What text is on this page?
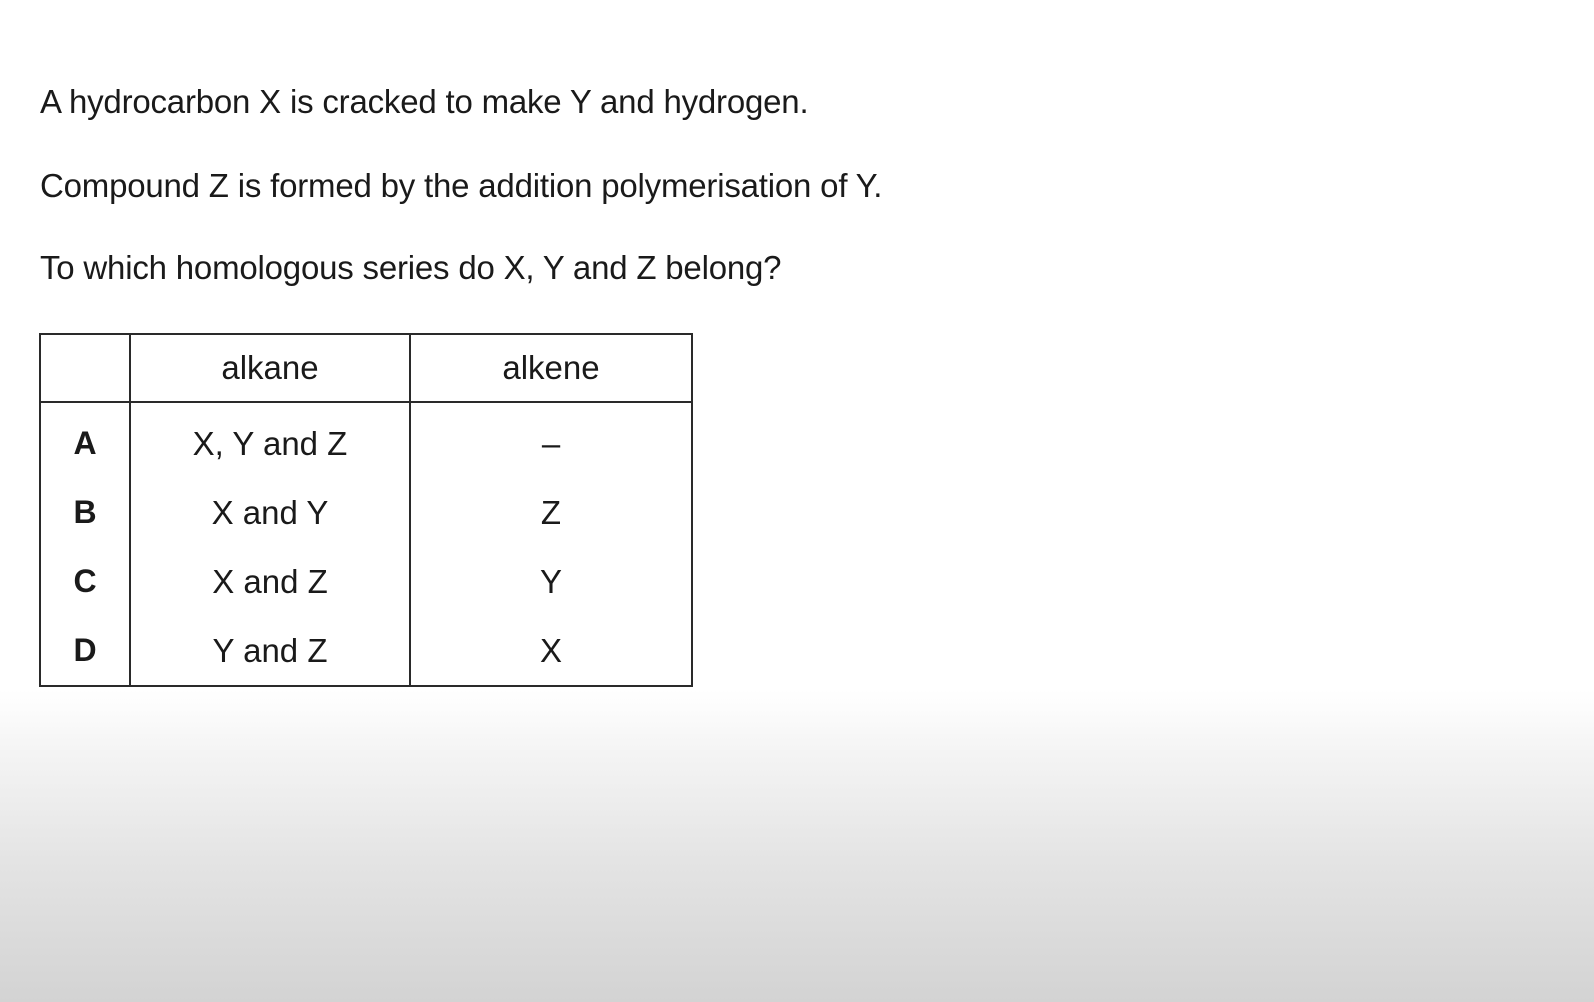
A hydrocarbon X is cracked to make Y and hydrogen.

Compound Z is formed by the addition polymerisation of Y.

To which homologous series do X, Y and Z belong?

	alkane	alkene
A	X, Y and Z	–
B	X and Y	Z
C	X and Z	Y
D	Y and Z	X
